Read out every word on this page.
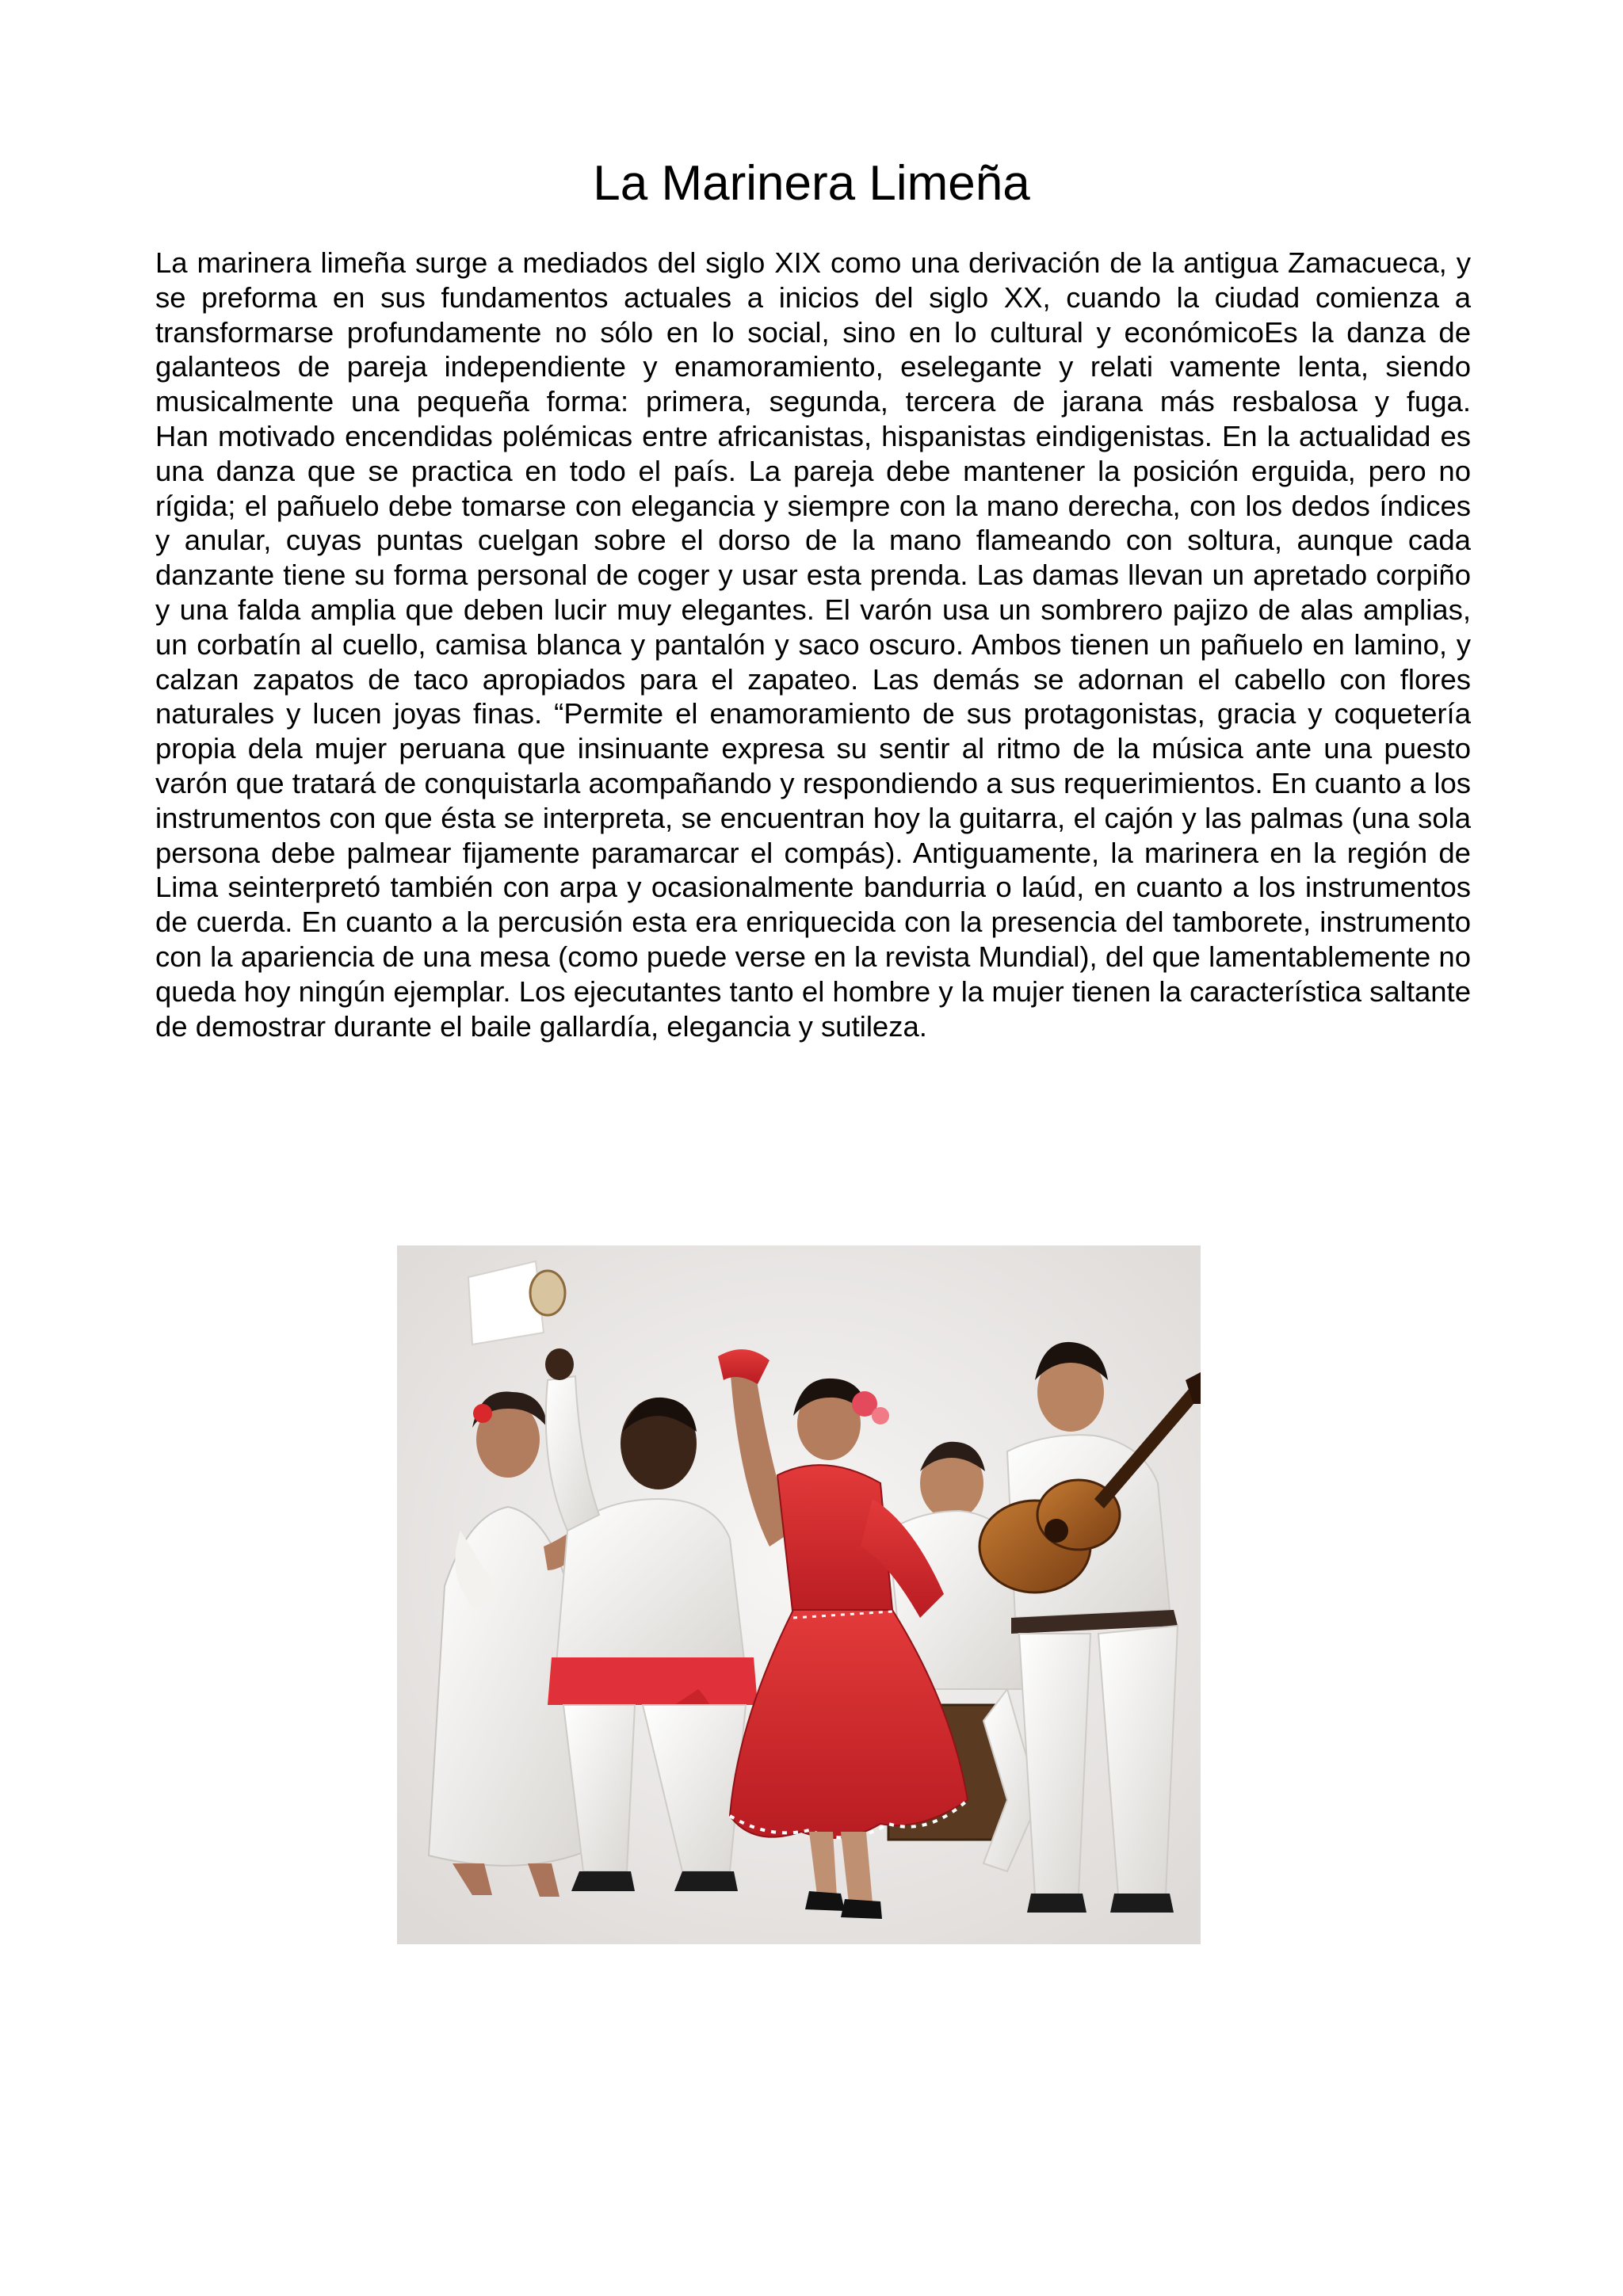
La Marinera Limeña

La marinera limeña surge a mediados del siglo XIX como una derivación de la antigua Zamacueca, y se preforma en sus fundamentos actuales a inicios del siglo XX, cuando la ciudad comienza a transformarse profundamente no sólo en lo social, sino en lo cultural y económicoEs la danza de galanteos de pareja independiente y enamoramiento, eselegante y relati vamente lenta, siendo musicalmente una pequeña forma: primera, segunda, tercera de jarana más resbalosa y fuga.

Han motivado encendidas polémicas entre africanistas, hispanistas eindigenistas. En la actualidad es una danza que se practica en todo el país. La pareja debe mantener la posición erguida, pero no rígida; el pañuelo debe tomarse con elegancia y siempre con la mano derecha, con los dedos índices y anular, cuyas puntas cuelgan sobre el dorso de la mano flameando con soltura, aunque cada danzante tiene su forma personal de coger y usar esta prenda. Las damas llevan un apretado corpiño y una falda amplia que deben lucir muy elegantes. El varón usa un sombrero pajizo de alas amplias, un corbatín al cuello, camisa blanca y pantalón y saco oscuro. Ambos tienen un pañuelo en lamino, y calzan zapatos de taco apropiados para el zapateo. Las demás se adornan el cabello con flores naturales y lucen joyas finas. “Permite el enamoramiento de sus protagonistas, gracia y coquetería propia dela mujer peruana que insinuante expresa su sentir al ritmo de la música ante una puesto varón que tratará de conquistarla acompañando y respondiendo a sus requerimientos. En cuanto a los instrumentos con que ésta se interpreta, se encuentran hoy la guitarra, el cajón y las palmas (una sola persona debe palmear fijamente paramarcar el compás). Antiguamente, la marinera en la región de Lima seinterpretó también con arpa y ocasionalmente bandurria o laúd, en cuanto a los instrumentos de cuerda. En cuanto a la percusión esta era enriquecida con la presencia del tamborete, instrumento con la apariencia de una mesa (como puede verse en la revista Mundial), del que lamentablemente no queda hoy ningún ejemplar. Los ejecutantes tanto el hombre y la mujer tienen la característica saltante de demostrar durante el baile gallardía, elegancia y sutileza.
